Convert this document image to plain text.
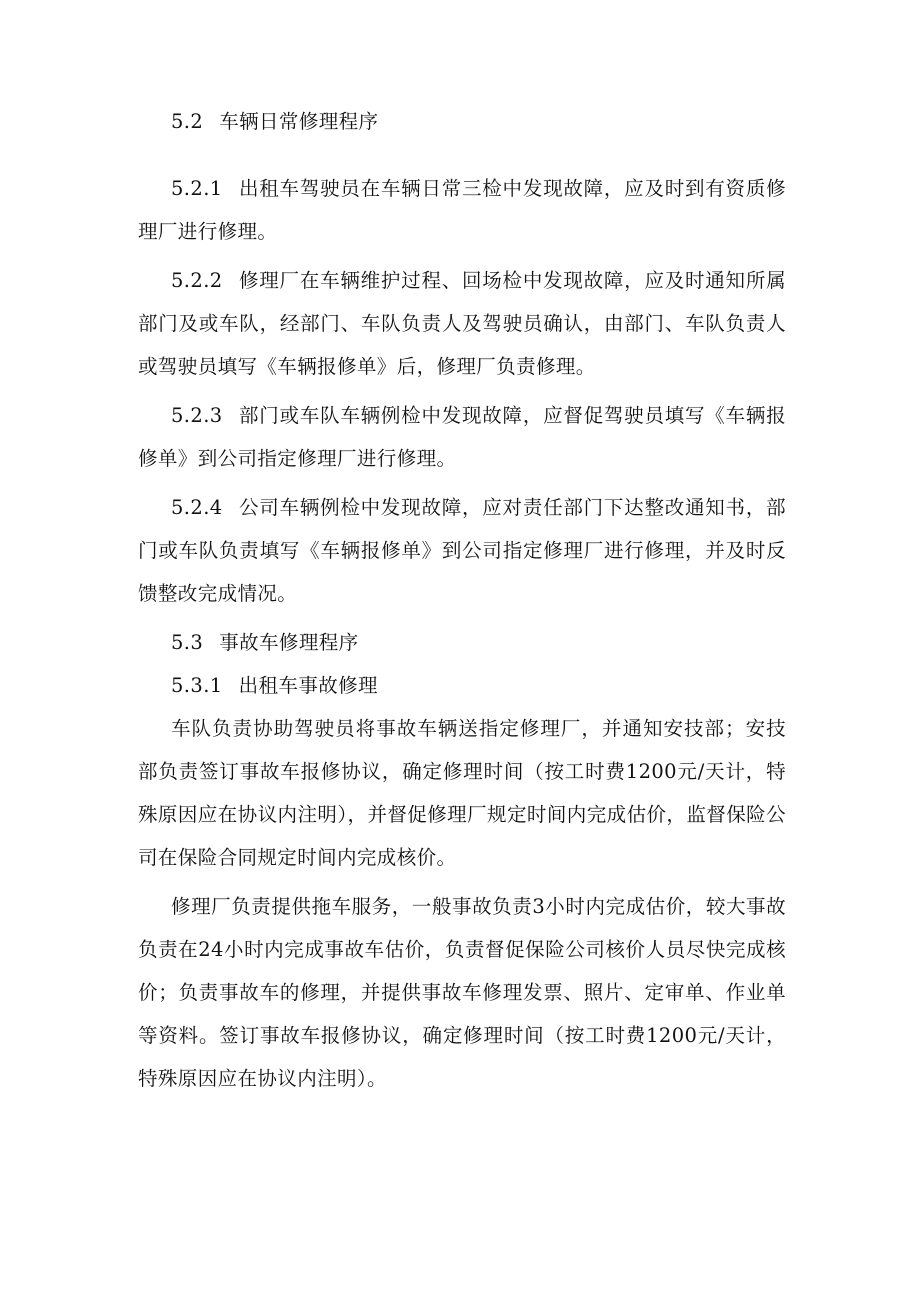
5.2 车辆日常修理程序

5.2.1 出租车驾驶员在车辆日常三检中发现故障，应及时到有资质修理厂进行修理。

5.2.2 修理厂在车辆维护过程、回场检中发现故障，应及时通知所属部门及或车队，经部门、车队负责人及驾驶员确认，由部门、车队负责人或驾驶员填写《车辆报修单》后，修理厂负责修理。

5.2.3 部门或车队车辆例检中发现故障，应督促驾驶员填写《车辆报修单》到公司指定修理厂进行修理。

5.2.4 公司车辆例检中发现故障，应对责任部门下达整改通知书，部门或车队负责填写《车辆报修单》到公司指定修理厂进行修理，并及时反馈整改完成情况。

5.3 事故车修理程序

5.3.1 出租车事故修理

车队负责协助驾驶员将事故车辆送指定修理厂，并通知安技部；安技部负责签订事故车报修协议，确定修理时间（按工时费1200元/天计，特殊原因应在协议内注明），并督促修理厂规定时间内完成估价，监督保险公司在保险合同规定时间内完成核价。

修理厂负责提供拖车服务，一般事故负责3小时内完成估价，较大事故负责在24小时内完成事故车估价，负责督促保险公司核价人员尽快完成核价；负责事故车的修理，并提供事故车修理发票、照片、定审单、作业单等资料。签订事故车报修协议，确定修理时间（按工时费1200元/天计，特殊原因应在协议内注明）。
